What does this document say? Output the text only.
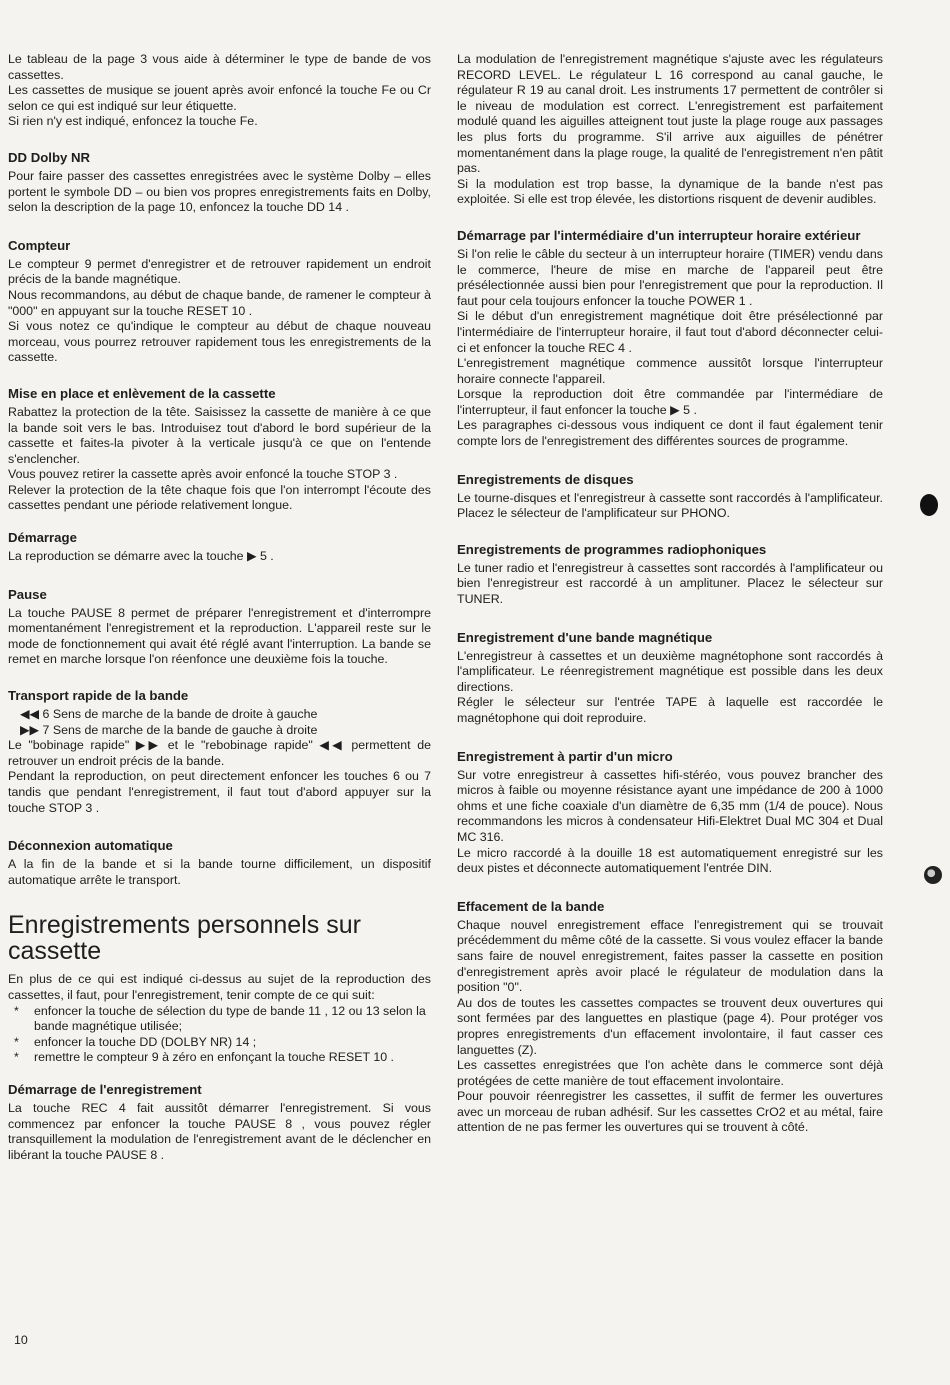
Le tableau de la page 3 vous aide à déterminer le type de bande de vos cassettes.

Les cassettes de musique se jouent après avoir enfoncé la touche Fe ou Cr selon ce qui est indiqué sur leur étiquette.

Si rien n'y est indiqué, enfoncez la touche Fe.

DD Dolby NR

Pour faire passer des cassettes enregistrées avec le système Dolby – elles portent le symbole DD – ou bien vos propres enregistrements faits en Dolby, selon la description de la page 10, enfoncez la touche DD 14 .

Compteur

Le compteur 9 permet d'enregistrer et de retrouver rapidement un endroit précis de la bande magnétique.

Nous recommandons, au début de chaque bande, de ramener le compteur à "000" en appuyant sur la touche RESET 10 .

Si vous notez ce qu'indique le compteur au début de chaque nouveau morceau, vous pourrez retrouver rapidement tous les enregistrements de la cassette.

Mise en place et enlèvement de la cassette

Rabattez la protection de la tête. Saisissez la cassette de manière à ce que la bande soit vers le bas. Introduisez tout d'abord le bord supérieur de la cassette et faites-la pivoter à la verticale jusqu'à ce que on l'entende s'enclencher.

Vous pouvez retirer la cassette après avoir enfoncé la touche STOP 3 .

Relever la protection de la tête chaque fois que l'on interrompt l'écoute des cassettes pendant une période relativement longue.

Démarrage

La reproduction se démarre avec la touche ▶ 5 .

Pause

La touche PAUSE 8 permet de préparer l'enregistrement et d'interrompre momentanément l'enregistrement et la reproduction. L'appareil reste sur le mode de fonctionnement qui avait été réglé avant l'interruption. La bande se remet en marche lorsque l'on réenfonce une deuxième fois la touche.

Transport rapide de la bande
◀◀ 6 Sens de marche de la bande de droite à gauche
▶▶ 7 Sens de marche de la bande de gauche à droite

Le "bobinage rapide" ▶▶ et le "rebobinage rapide" ◀◀ permettent de retrouver un endroit précis de la bande.

Pendant la reproduction, on peut directement enfoncer les touches 6 ou 7 tandis que pendant l'enregistrement, il faut tout d'abord appuyer sur la touche STOP 3 .

Déconnexion automatique

A la fin de la bande et si la bande tourne difficilement, un dispositif automatique arrête le transport.

Enregistrements personnels sur cassette

En plus de ce qui est indiqué ci-dessus au sujet de la reproduction des cassettes, il faut, pour l'enregistrement, tenir compte de ce qui suit:

* enfoncer la touche de sélection du type de bande 11 , 12 ou 13 selon la bande magnétique utilisée;
* enfoncer la touche DD (DOLBY NR) 14 ;
* remettre le compteur 9 à zéro en enfonçant la touche RESET 10 .
Démarrage de l'enregistrement

La touche REC 4 fait aussitôt démarrer l'enregistrement. Si vous commencez par enfoncer la touche PAUSE 8 , vous pouvez régler transquillement la modulation de l'enregistrement avant de le déclencher en libérant la touche PAUSE 8 .

La modulation de l'enregistrement magnétique s'ajuste avec les régulateurs RECORD LEVEL. Le régulateur L 16 correspond au canal gauche, le régulateur R 19 au canal droit. Les instruments 17 permettent de contrôler si le niveau de modulation est correct. L'enregistrement est parfaitement modulé quand les aiguilles atteignent tout juste la plage rouge aux passages les plus forts du programme. S'il arrive aux aiguilles de pénétrer momentanément dans la plage rouge, la qualité de l'enregistrement n'en pâtit pas.

Si la modulation est trop basse, la dynamique de la bande n'est pas exploitée. Si elle est trop élevée, les distortions risquent de devenir audibles.

Démarrage par l'intermédiaire d'un interrupteur horaire extérieur

Si l'on relie le câble du secteur à un interrupteur horaire (TIMER) vendu dans le commerce, l'heure de mise en marche de l'appareil peut être présélectionnée aussi bien pour l'enregistrement que pour la reproduction. Il faut pour cela toujours enfoncer la touche POWER 1 .

Si le début d'un enregistrement magnétique doit être présélectionné par l'intermédiaire de l'interrupteur horaire, il faut tout d'abord déconnecter celui-ci et enfoncer la touche REC 4 .

L'enregistrement magnétique commence aussitôt lorsque l'interrupteur horaire connecte l'appareil.

Lorsque la reproduction doit être commandée par l'intermédiare de l'interrupteur, il faut enfoncer la touche ▶ 5 .

Les paragraphes ci-dessous vous indiquent ce dont il faut également tenir compte lors de l'enregistrement des différentes sources de programme.

Enregistrements de disques

Le tourne-disques et l'enregistreur à cassette sont raccordés à l'amplificateur. Placez le sélecteur de l'amplificateur sur PHONO.

Enregistrements de programmes radiophoniques

Le tuner radio et l'enregistreur à cassettes sont raccordés à l'amplificateur ou bien l'enregistreur est raccordé à un amplituner. Placez le sélecteur sur TUNER.

Enregistrement d'une bande magnétique

L'enregistreur à cassettes et un deuxième magnétophone sont raccordés à l'amplificateur. Le réenregistrement magnétique est possible dans les deux directions.

Régler le sélecteur sur l'entrée TAPE à laquelle est raccordée le magnétophone qui doit reproduire.

Enregistrement à partir d'un micro

Sur votre enregistreur à cassettes hifi-stéréo, vous pouvez brancher des micros à faible ou moyenne résistance ayant une impédance de 200 à 1000 ohms et une fiche coaxiale d'un diamètre de 6,35 mm (1/4 de pouce). Nous recommandons les micros à condensateur Hifi-Elektret Dual MC 304 et Dual MC 316.

Le micro raccordé à la douille 18 est automatiquement enregistré sur les deux pistes et déconnecte automatiquement l'entrée DIN.

Effacement de la bande

Chaque nouvel enregistrement efface l'enregistrement qui se trouvait précédemment du même côté de la cassette. Si vous voulez effacer la bande sans faire de nouvel enregistrement, faites passer la cassette en position d'enregistrement après avoir placé le régulateur de modulation dans la position "0".

Au dos de toutes les cassettes compactes se trouvent deux ouvertures qui sont fermées par des languettes en plastique (page 4). Pour protéger vos propres enregistrements d'un effacement involontaire, il faut casser ces languettes (Z).

Les cassettes enregistrées que l'on achète dans le commerce sont déjà protégées de cette manière de tout effacement involontaire.

Pour pouvoir réenregistrer les cassettes, il suffit de fermer les ouvertures avec un morceau de ruban adhésif. Sur les cassettes CrO2 et au métal, faire attention de ne pas fermer les ouvertures qui se trouvent à côté.

10
